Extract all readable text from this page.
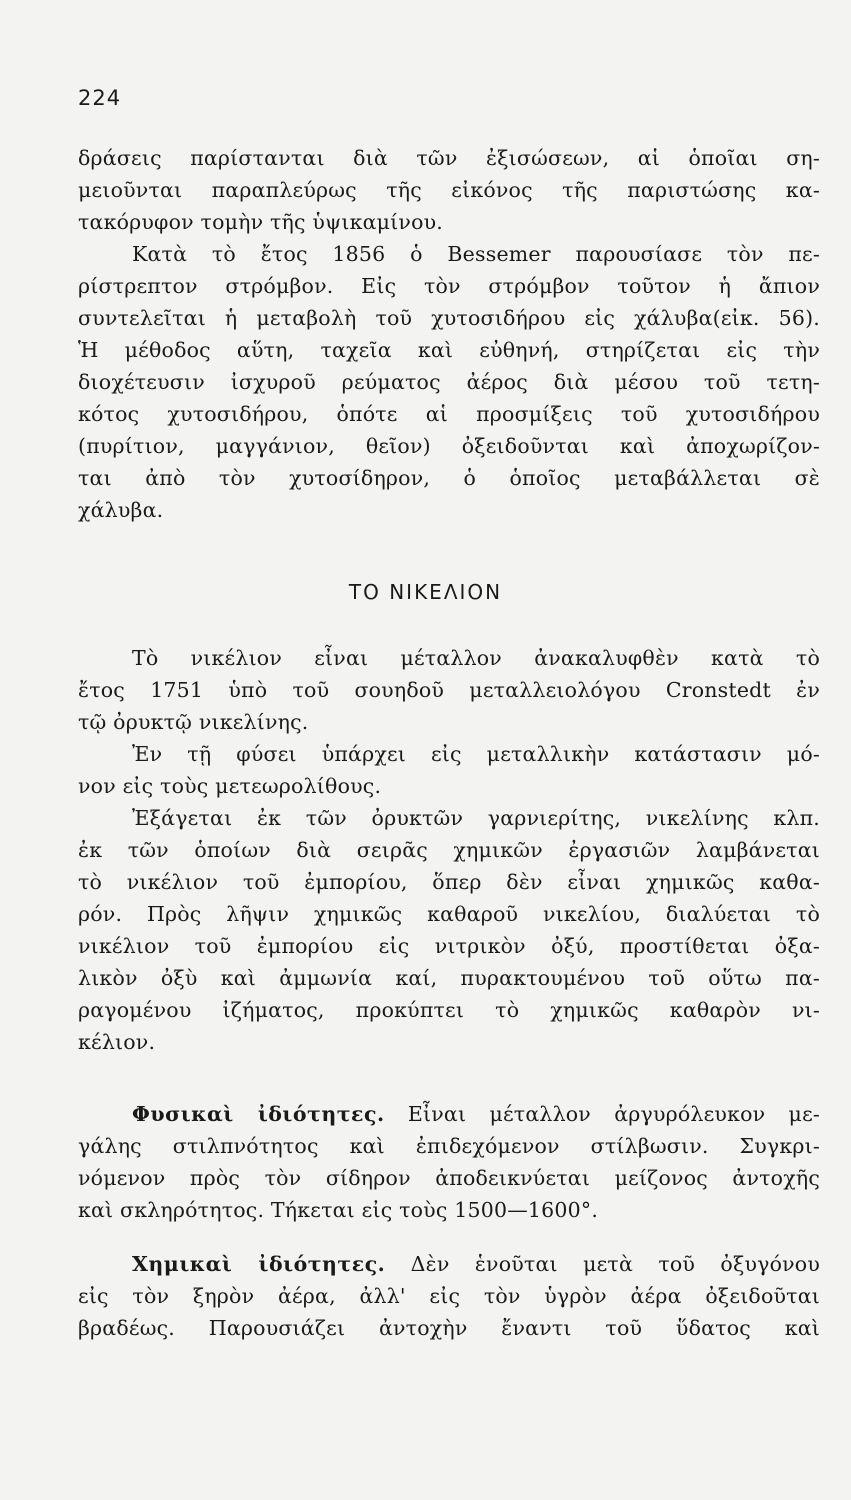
224
δράσεις παρίστανται διὰ τῶν ἐξισώσεων, αἱ ὁποῖαι ση-
μειοῦνται παραπλεύρως τῆς εἰκόνος τῆς παριστώσης κα-
τακόρυφον τομὴν τῆς ὑψικαμίνου.
Κατὰ τὸ ἔτος 1856 ὁ Bessemer παρουσίασε τὸν πε-
ρίστρεπτον στρόμβον. Εἰς τὸν στρόμβον τοῦτον ἡ ἄπιον
συντελεῖται ἡ μεταβολὴ τοῦ χυτοσιδήρου εἰς χάλυβα(εἰκ. 56).
Ἡ μέθοδος αὕτη, ταχεῖα καὶ εὐθηνή, στηρίζεται εἰς τὴν
διοχέτευσιν ἰσχυροῦ ρεύματος ἀέρος διὰ μέσου τοῦ τετη-
κότος χυτοσιδήρου, ὁπότε αἱ προσμίξεις τοῦ χυτοσιδήρου
(πυρίτιον, μαγγάνιον, θεῖον) ὀξειδοῦνται καὶ ἀποχωρίζον-
ται ἀπὸ τὸν χυτοσίδηρον, ὁ ὁποῖος μεταβάλλεται σὲ
χάλυβα.
ΤΟ ΝΙΚΕΛΙΟΝ
Τὸ νικέλιον εἶναι μέταλλον ἀνακαλυφθὲν κατὰ τὸ
ἔτος 1751 ὑπὸ τοῦ σουηδοῦ μεταλλειολόγου Cronstedt ἐν
τῷ ὀρυκτῷ νικελίνης.
Ἐν τῇ φύσει ὑπάρχει εἰς μεταλλικὴν κατάστασιν μό-
νον εἰς τοὺς μετεωρολίθους.
Ἐξάγεται ἐκ τῶν ὀρυκτῶν γαρνιερίτης, νικελίνης κλπ.
ἐκ τῶν ὁποίων διὰ σειρᾶς χημικῶν ἐργασιῶν λαμβάνεται
τὸ νικέλιον τοῦ ἐμπορίου, ὅπερ δὲν εἶναι χημικῶς καθα-
ρόν. Πρὸς λῆψιν χημικῶς καθαροῦ νικελίου, διαλύεται τὸ
νικέλιον τοῦ ἐμπορίου εἰς νιτρικὸν ὀξύ, προστίθεται ὀξα-
λικὸν ὀξὺ καὶ ἀμμωνία καί, πυρακτουμένου τοῦ οὕτω πα-
ραγομένου ἰζήματος, προκύπτει τὸ χημικῶς καθαρὸν νι-
κέλιον.
Φυσικαὶ ἰδιότητες. Εἶναι μέταλλον ἀργυρόλευκον με-
γάλης στιλπνότητος καὶ ἐπιδεχόμενον στίλβωσιν. Συγκρι-
νόμενον πρὸς τὸν σίδηρον ἀποδεικνύεται μείζονος ἀντοχῆς
καὶ σκληρότητος. Τήκεται εἰς τοὺς 1500—1600°.
Χημικαὶ ἰδιότητες. Δὲν ἑνοῦται μετὰ τοῦ ὀξυγόνου
εἰς τὸν ξηρὸν ἀέρα, ἀλλ' εἰς τὸν ὑγρὸν ἀέρα ὀξειδοῦται
βραδέως. Παρουσιάζει ἀντοχὴν ἔναντι τοῦ ὕδατος καὶ
